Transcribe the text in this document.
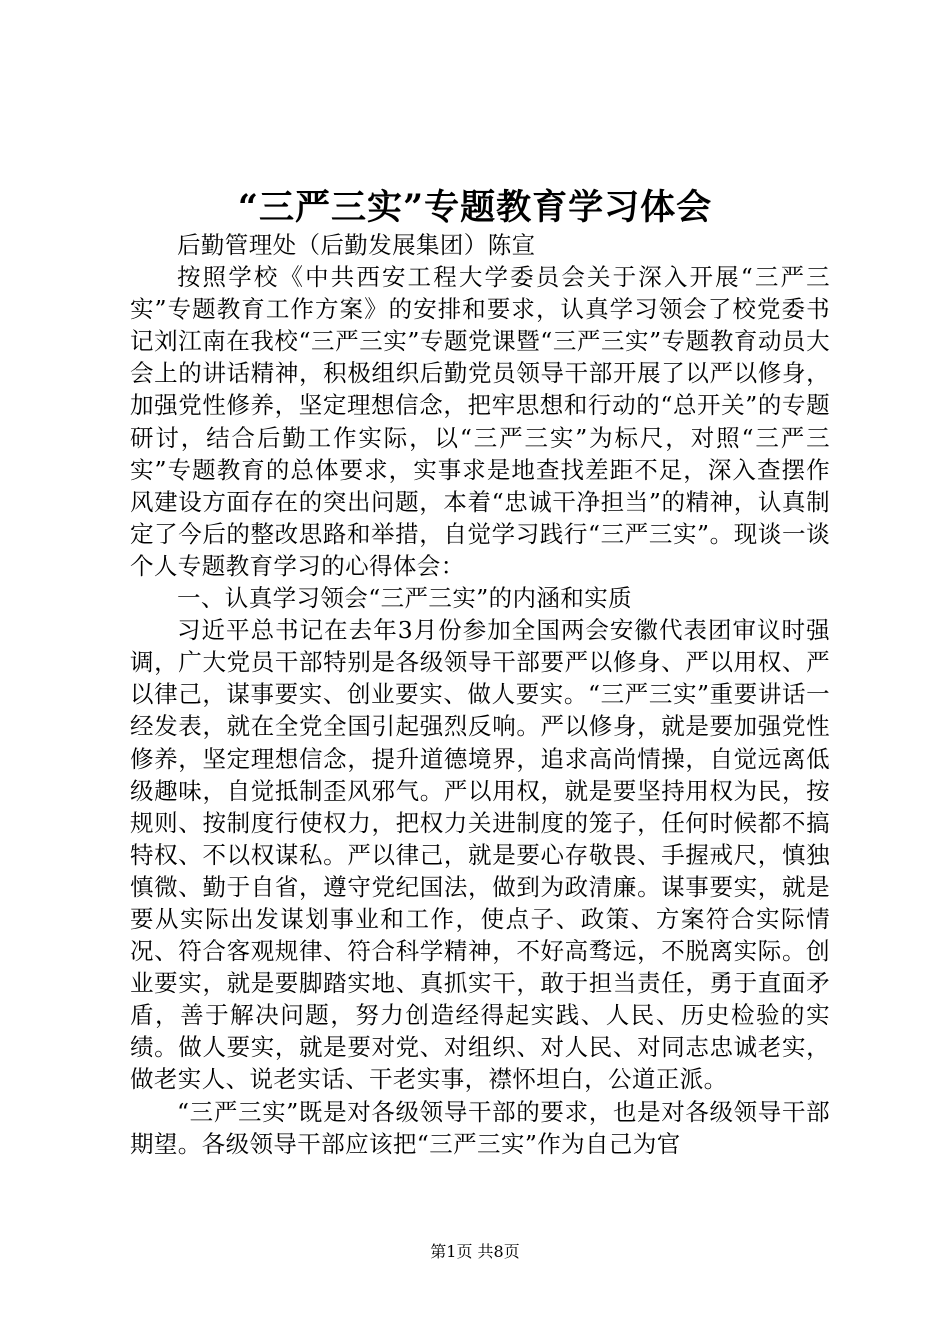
“三严三实”专题教育学习体会

后勤管理处（后勤发展集团）陈宣

按照学校《中共西安工程大学委员会关于深入开展“三严三实”专题教育工作方案》的安排和要求，认真学习领会了校党委书记刘江南在我校“三严三实”专题党课暨“三严三实”专题教育动员大会上的讲话精神，积极组织后勤党员领导干部开展了以严以修身，加强党性修养，坚定理想信念，把牢思想和行动的“总开关”的专题研讨，结合后勤工作实际，以“三严三实”为标尺，对照“三严三实”专题教育的总体要求，实事求是地查找差距不足，深入查摆作风建设方面存在的突出问题，本着“忠诚干净担当”的精神，认真制定了今后的整改思路和举措，自觉学习践行“三严三实”。现谈一谈个人专题教育学习的心得体会：

一、认真学习领会“三严三实”的内涵和实质

习近平总书记在去年3月份参加全国两会安徽代表团审议时强调，广大党员干部特别是各级领导干部要严以修身、严以用权、严以律己，谋事要实、创业要实、做人要实。“三严三实”重要讲话一经发表，就在全党全国引起强烈反响。严以修身，就是要加强党性修养，坚定理想信念，提升道德境界，追求高尚情操，自觉远离低级趣味，自觉抵制歪风邪气。严以用权，就是要坚持用权为民，按规则、按制度行使权力，把权力关进制度的笼子，任何时候都不搞特权、不以权谋私。严以律己，就是要心存敬畏、手握戒尺，慎独慎微、勤于自省，遵守党纪国法，做到为政清廉。谋事要实，就是要从实际出发谋划事业和工作，使点子、政策、方案符合实际情况、符合客观规律、符合科学精神，不好高骛远，不脱离实际。创业要实，就是要脚踏实地、真抓实干，敢于担当责任，勇于直面矛盾，善于解决问题，努力创造经得起实践、人民、历史检验的实绩。做人要实，就是要对党、对组织、对人民、对同志忠诚老实，做老实人、说老实话、干老实事，襟怀坦白，公道正派。

“三严三实”既是对各级领导干部的要求，也是对各级领导干部期望。各级领导干部应该把“三严三实”作为自己为官

第1页 共8页
